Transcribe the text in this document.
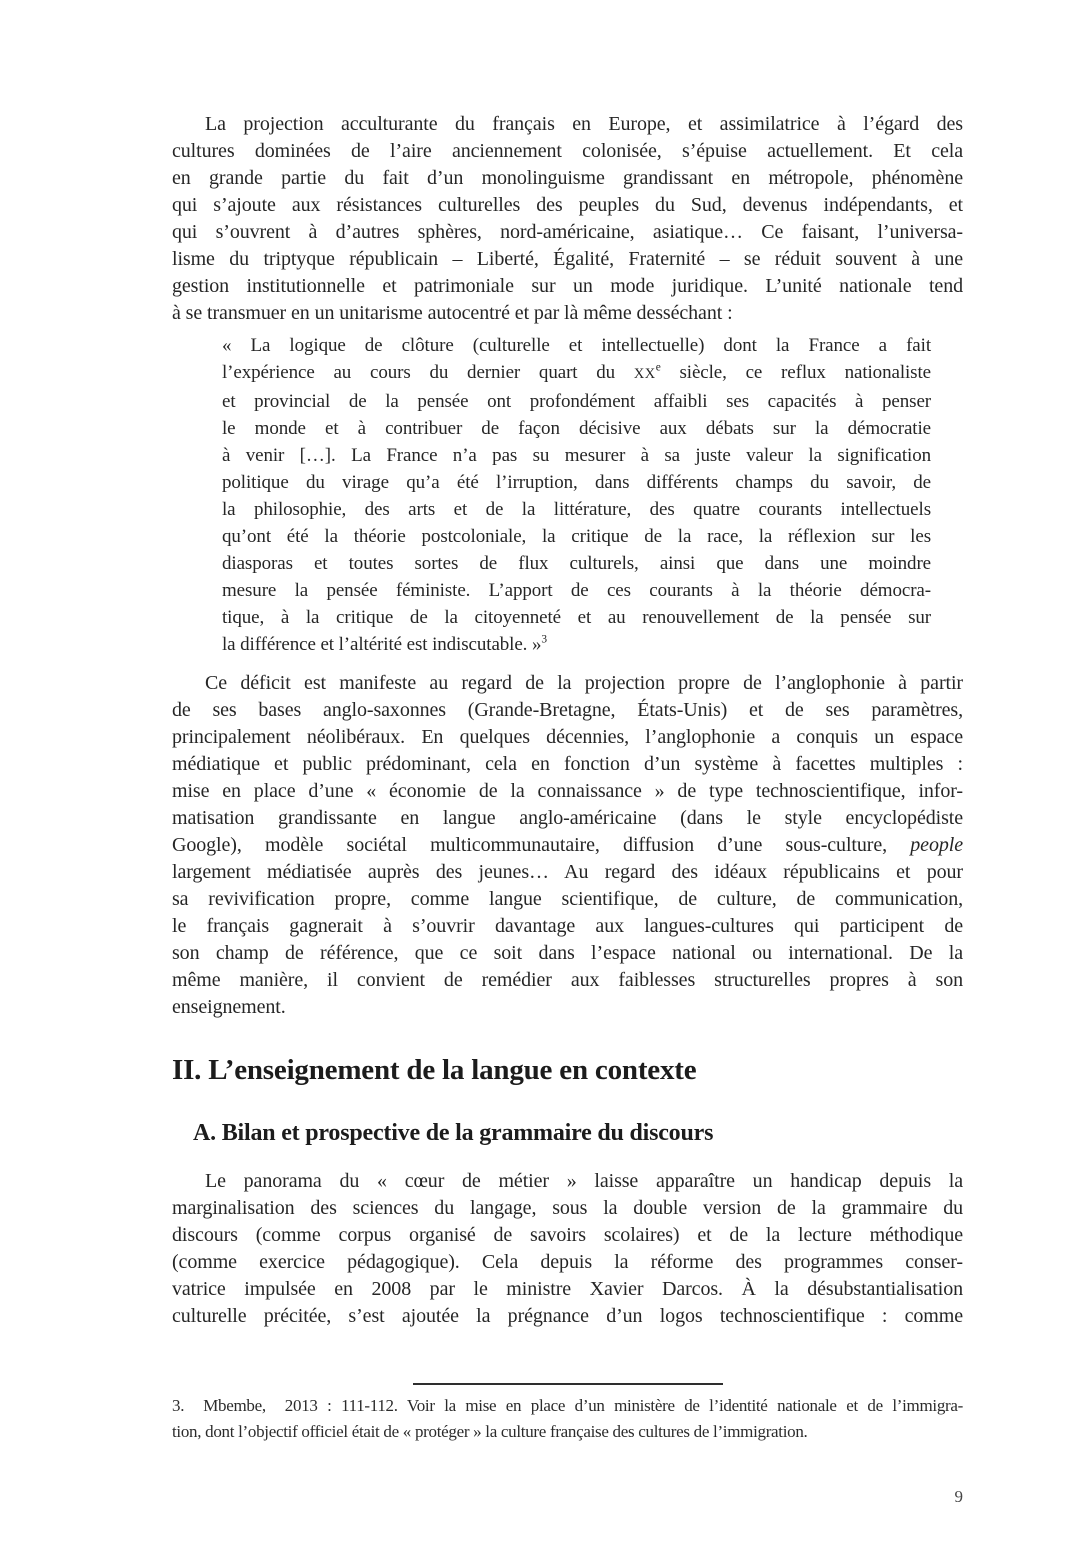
La projection acculturante du français en Europe, et assimilatrice à l’égard des
cultures dominées de l’aire anciennement colonisée, s’épuise actuellement. Et cela
en grande partie du fait d’un monolinguisme grandissant en métropole, phénomène
qui s’ajoute aux résistances culturelles des peuples du Sud, devenus indépendants, et
qui s’ouvrent à d’autres sphères, nord-américaine, asiatique… Ce faisant, l’universa-
lisme du triptyque républicain – Liberté, Égalité, Fraternité – se réduit souvent à une
gestion institutionnelle et patrimoniale sur un mode juridique. L’unité nationale tend
à se transmuer en un unitarisme autocentré et par là même desséchant :
« La logique de clôture (culturelle et intellectuelle) dont la France a fait
l’expérience au cours du dernier quart du XXe siècle, ce reflux nationaliste
et provincial de la pensée ont profondément affaibli ses capacités à penser
le monde et à contribuer de façon décisive aux débats sur la démocratie
à venir […]. La France n’a pas su mesurer à sa juste valeur la signification
politique du virage qu’a été l’irruption, dans différents champs du savoir, de
la philosophie, des arts et de la littérature, des quatre courants intellectuels
qu’ont été la théorie postcoloniale, la critique de la race, la réflexion sur les
diasporas et toutes sortes de flux culturels, ainsi que dans une moindre
mesure la pensée féministe. L’apport de ces courants à la théorie démocra-
tique, à la critique de la citoyenneté et au renouvellement de la pensée sur
la différence et l’altérité est indiscutable. »$^3$
Ce déficit est manifeste au regard de la projection propre de l’anglophonie à partir
de ses bases anglo-saxonnes (Grande-Bretagne, États-Unis) et de ses paramètres,
principalement néolibéraux. En quelques décennies, l’anglophonie a conquis un espace
médiatique et public prédominant, cela en fonction d’un système à facettes multiples :
mise en place d’une « économie de la connaissance » de type technoscientifique, infor-
matisation grandissante en langue anglo-américaine (dans le style encyclopédiste
Google), modèle sociétal multicommunautaire, diffusion d’une sous-culture, people
largement médiatisée auprès des jeunes… Au regard des idéaux républicains et pour
sa revivification propre, comme langue scientifique, de culture, de communication,
le français gagnerait à s’ouvrir davantage aux langues-cultures qui participent de
son champ de référence, que ce soit dans l’espace national ou international. De la
même manière, il convient de remédier aux faiblesses structurelles propres à son
enseignement.
II. L’enseignement de la langue en contexte
A. Bilan et prospective de la grammaire du discours
Le panorama du « cœur de métier » laisse apparaître un handicap depuis la
marginalisation des sciences du langage, sous la double version de la grammaire du
discours (comme corpus organisé de savoirs scolaires) et de la lecture méthodique
(comme exercice pédagogique). Cela depuis la réforme des programmes conser-
vatrice impulsée en 2008 par le ministre Xavier Darcos. À la désubstantialisation
culturelle précitée, s’est ajoutée la prégnance d’un logos technoscientifique : comme
3.  Mbembe,  2013 : 111-112. Voir la mise en place d’un ministère de l’identité nationale et de l’immigra-
tion, dont l’objectif officiel était de « protéger » la culture française des cultures de l’immigration.
9
